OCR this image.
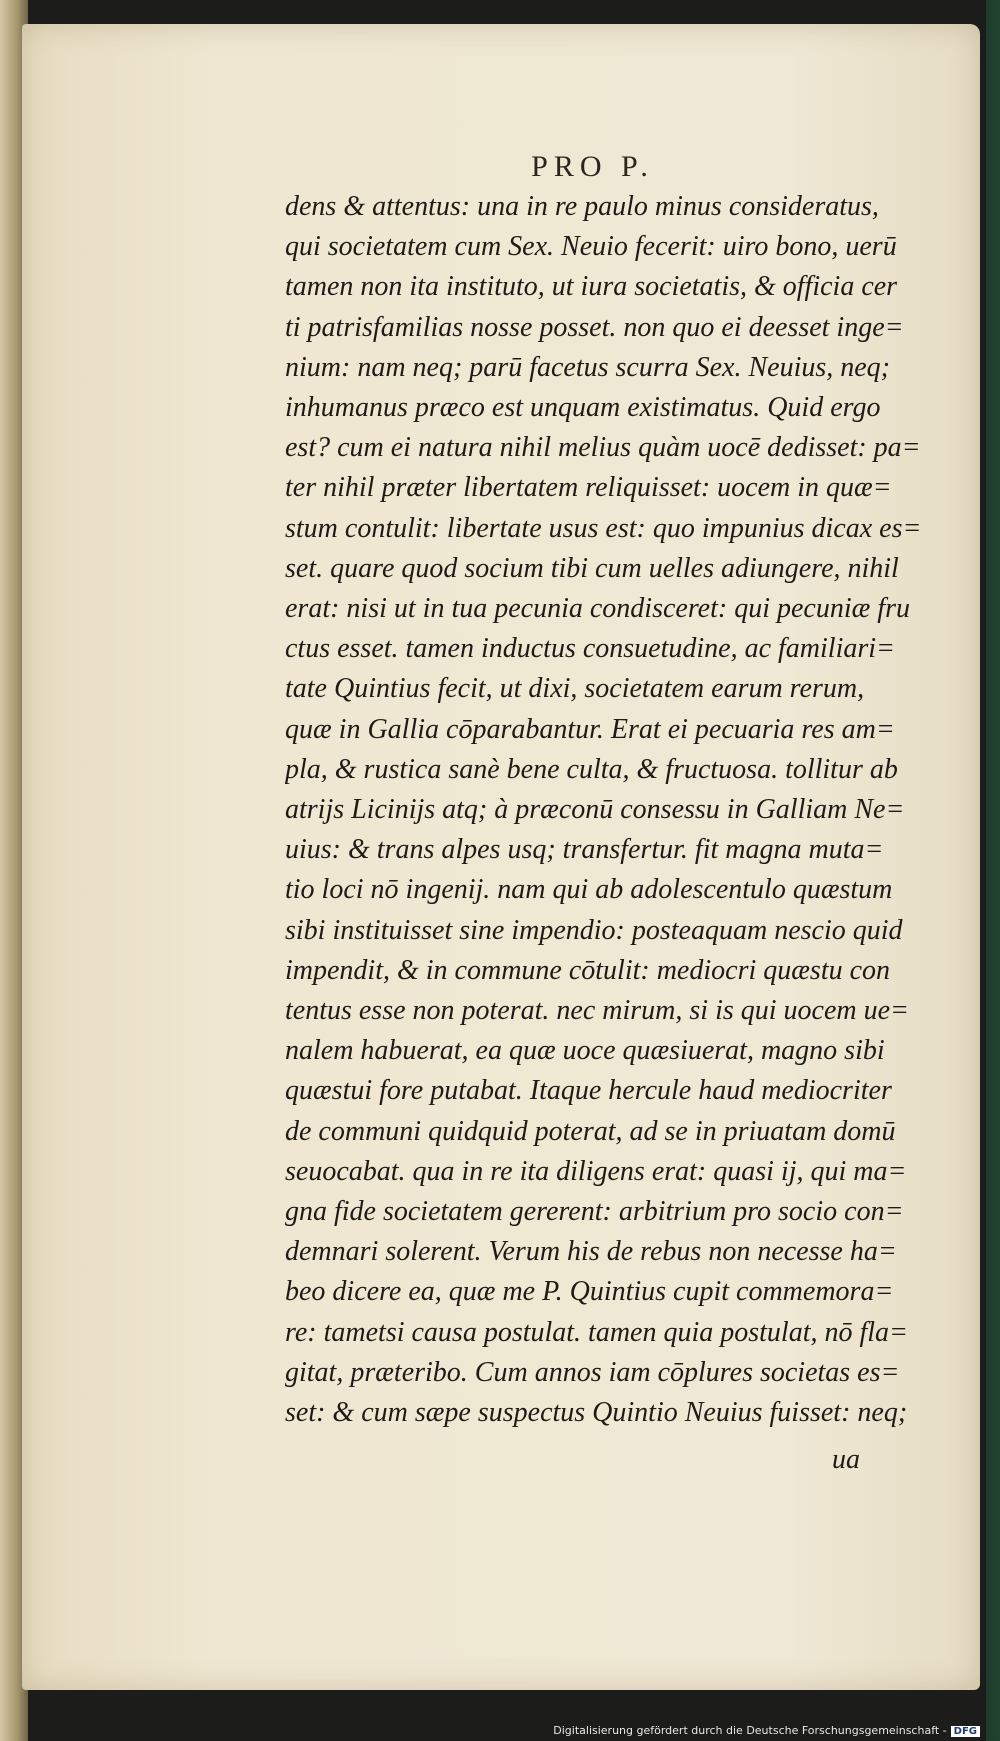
PRO P.
dens & attentus: una in re paulo minus consideratus,
qui societatem cum Sex. Neuio fecerit: uiro bono, uerū
tamen non ita instituto, ut iura societatis, & officia cer
ti patrisfamilias nosse posset. non quo ei deesset inge=
nium: nam neq; parū facetus scurra Sex. Neuius, neq;
inhumanus præco est unquam existimatus. Quid ergo
est? cum ei natura nihil melius quàm uocē dedisset: pa=
ter nihil præter libertatem reliquisset: uocem in quæ=
stum contulit: libertate usus est: quo impunius dicax es=
set. quare quod socium tibi cum uelles adiungere, nihil
erat: nisi ut in tua pecunia condisceret: qui pecuniæ fru
ctus esset. tamen inductus consuetudine, ac familiari=
tate Quintius fecit, ut dixi, societatem earum rerum,
quæ in Gallia cōparabantur. Erat ei pecuaria res am=
pla, & rustica sanè bene culta, & fructuosa. tollitur ab
atrijs Licinijs atq; à præconū consessu in Galliam Ne=
uius: & trans alpes usq; transfertur. fit magna muta=
tio loci nō ingenij. nam qui ab adolescentulo quæstum
sibi instituisset sine impendio: posteaquam nescio quid
impendit, & in commune cōtulit: mediocri quæstu con
tentus esse non poterat. nec mirum, si is qui uocem ue=
nalem habuerat, ea quæ uoce quæsiuerat, magno sibi
quæstui fore putabat. Itaque hercule haud mediocriter
de communi quidquid poterat, ad se in priuatam domū
seuocabat. qua in re ita diligens erat: quasi ij, qui ma=
gna fide societatem gererent: arbitrium pro socio con=
demnari solerent. Verum his de rebus non necesse ha=
beo dicere ea, quæ me P. Quintius cupit commemora=
re: tametsi causa postulat. tamen quia postulat, nō fla=
gitat, præteribo. Cum annos iam cōplures societas es=
set: & cum sæpe suspectus Quintio Neuius fuisset: neq;
ua
Digitalisierung gefördert durch die Deutsche Forschungsgemeinschaft - DFG
